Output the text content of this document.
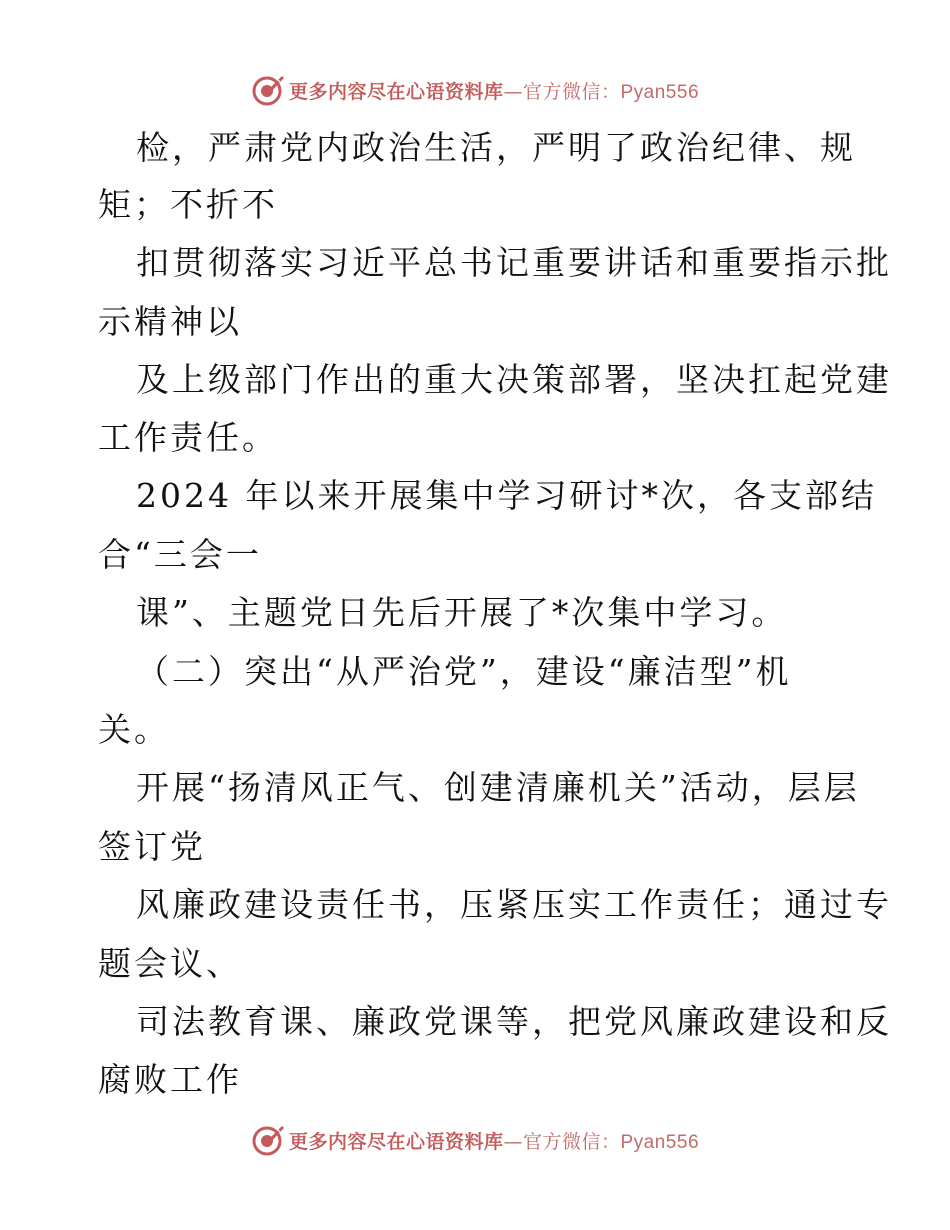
更多内容尽在心语资料库—官方微信：Pyan556
检，严肃党内政治生活，严明了政治纪律、规
矩；不折不
扣贯彻落实习近平总书记重要讲话和重要指示批
示精神以
及上级部门作出的重大决策部署，坚决扛起党建
工作责任。
2024 年以来开展集中学习研讨*次，各支部结
合“三会一
课”、主题党日先后开展了*次集中学习。
（二）突出“从严治党”，建设“廉洁型”机
关。
开展“扬清风正气、创建清廉机关”活动，层层
签订党
风廉政建设责任书，压紧压实工作责任；通过专
题会议、
司法教育课、廉政党课等，把党风廉政建设和反
腐败工作
更多内容尽在心语资料库—官方微信：Pyan556
